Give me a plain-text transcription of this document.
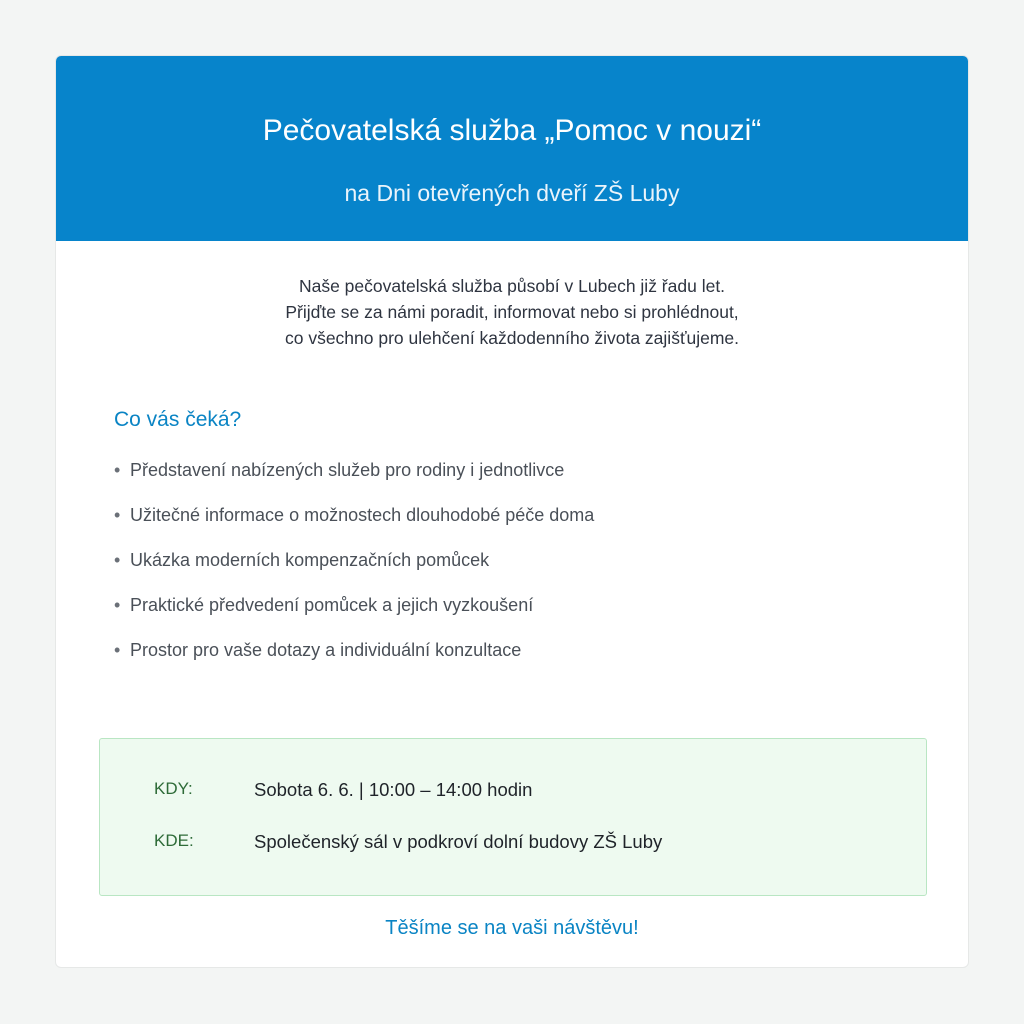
Pečovatelská služba „Pomoc v nouzi“
na Dni otevřených dveří ZŠ Luby
Naše pečovatelská služba působí v Lubech již řadu let.
Přijďte se za námi poradit, informovat nebo si prohlédnout,
co všechno pro ulehčení každodenního života zajišťujeme.
Co vás čeká?
• Představení nabízených služeb pro rodiny i jednotlivce
• Užitečné informace o možnostech dlouhodobé péče doma
• Ukázka moderních kompenzačních pomůcek
• Praktické předvedení pomůcek a jejich vyzkoušení
• Prostor pro vaše dotazy a individuální konzultace
KDY:	Sobota 6. 6. | 10:00 – 14:00 hodin
KDE:	Společenský sál v podkroví dolní budovy ZŠ Luby
Těšíme se na vaši návštěvu!
